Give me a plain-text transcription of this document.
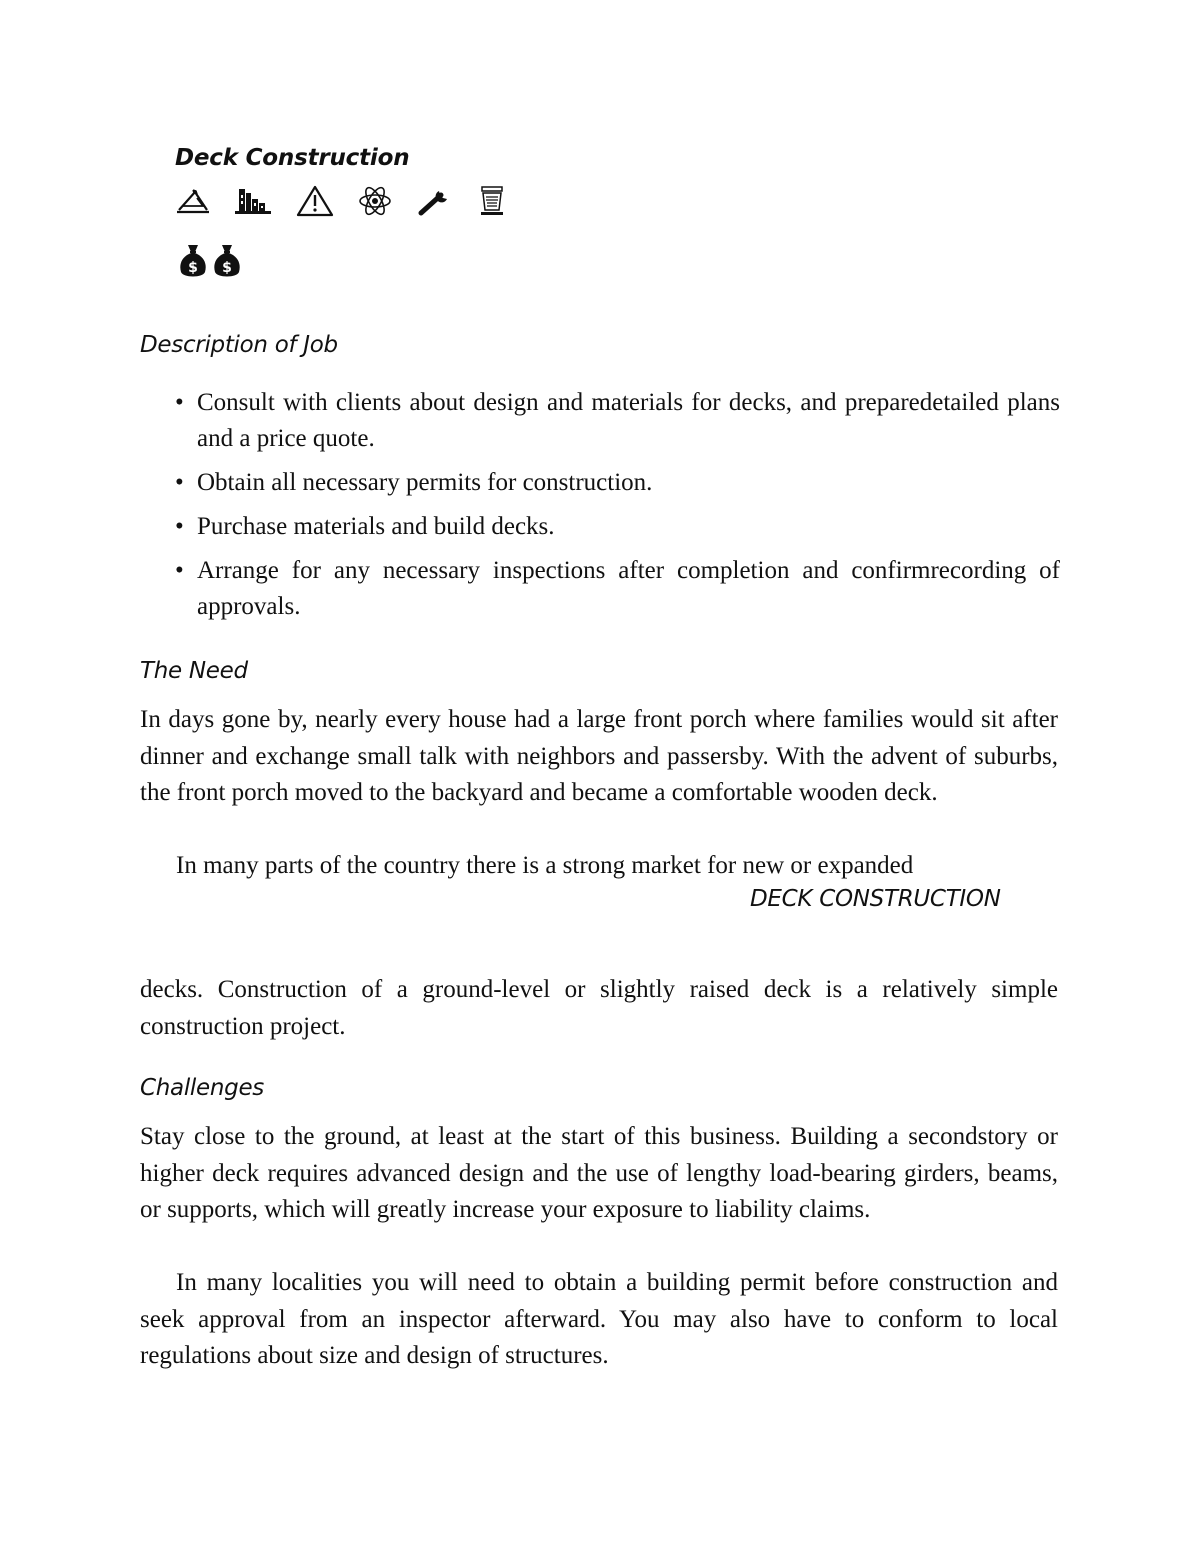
Deck Construction
$ $
Description of Job
• Consult with clients about design and materials for decks, and preparedetailed plans and a price quote.
• Obtain all necessary permits for construction.
• Purchase materials and build decks.
• Arrange for any necessary inspections after completion and confirmrecording of approvals.
The Need

In days gone by, nearly every house had a large front porch where families would sit after dinner and exchange small talk with neighbors and passersby. With the advent of suburbs, the front porch moved to the backyard and became a comfortable wooden deck.

In many parts of the country there is a strong market for new or expanded

DECK CONSTRUCTION

decks. Construction of a ground-level or slightly raised deck is a relatively simple construction project.

Challenges

Stay close to the ground, at least at the start of this business. Building a secondstory or higher deck requires advanced design and the use of lengthy load-bearing girders, beams, or supports, which will greatly increase your exposure to liability claims.

In many localities you will need to obtain a building permit before construction and seek approval from an inspector afterward. You may also have to conform to local regulations about size and design of structures.
